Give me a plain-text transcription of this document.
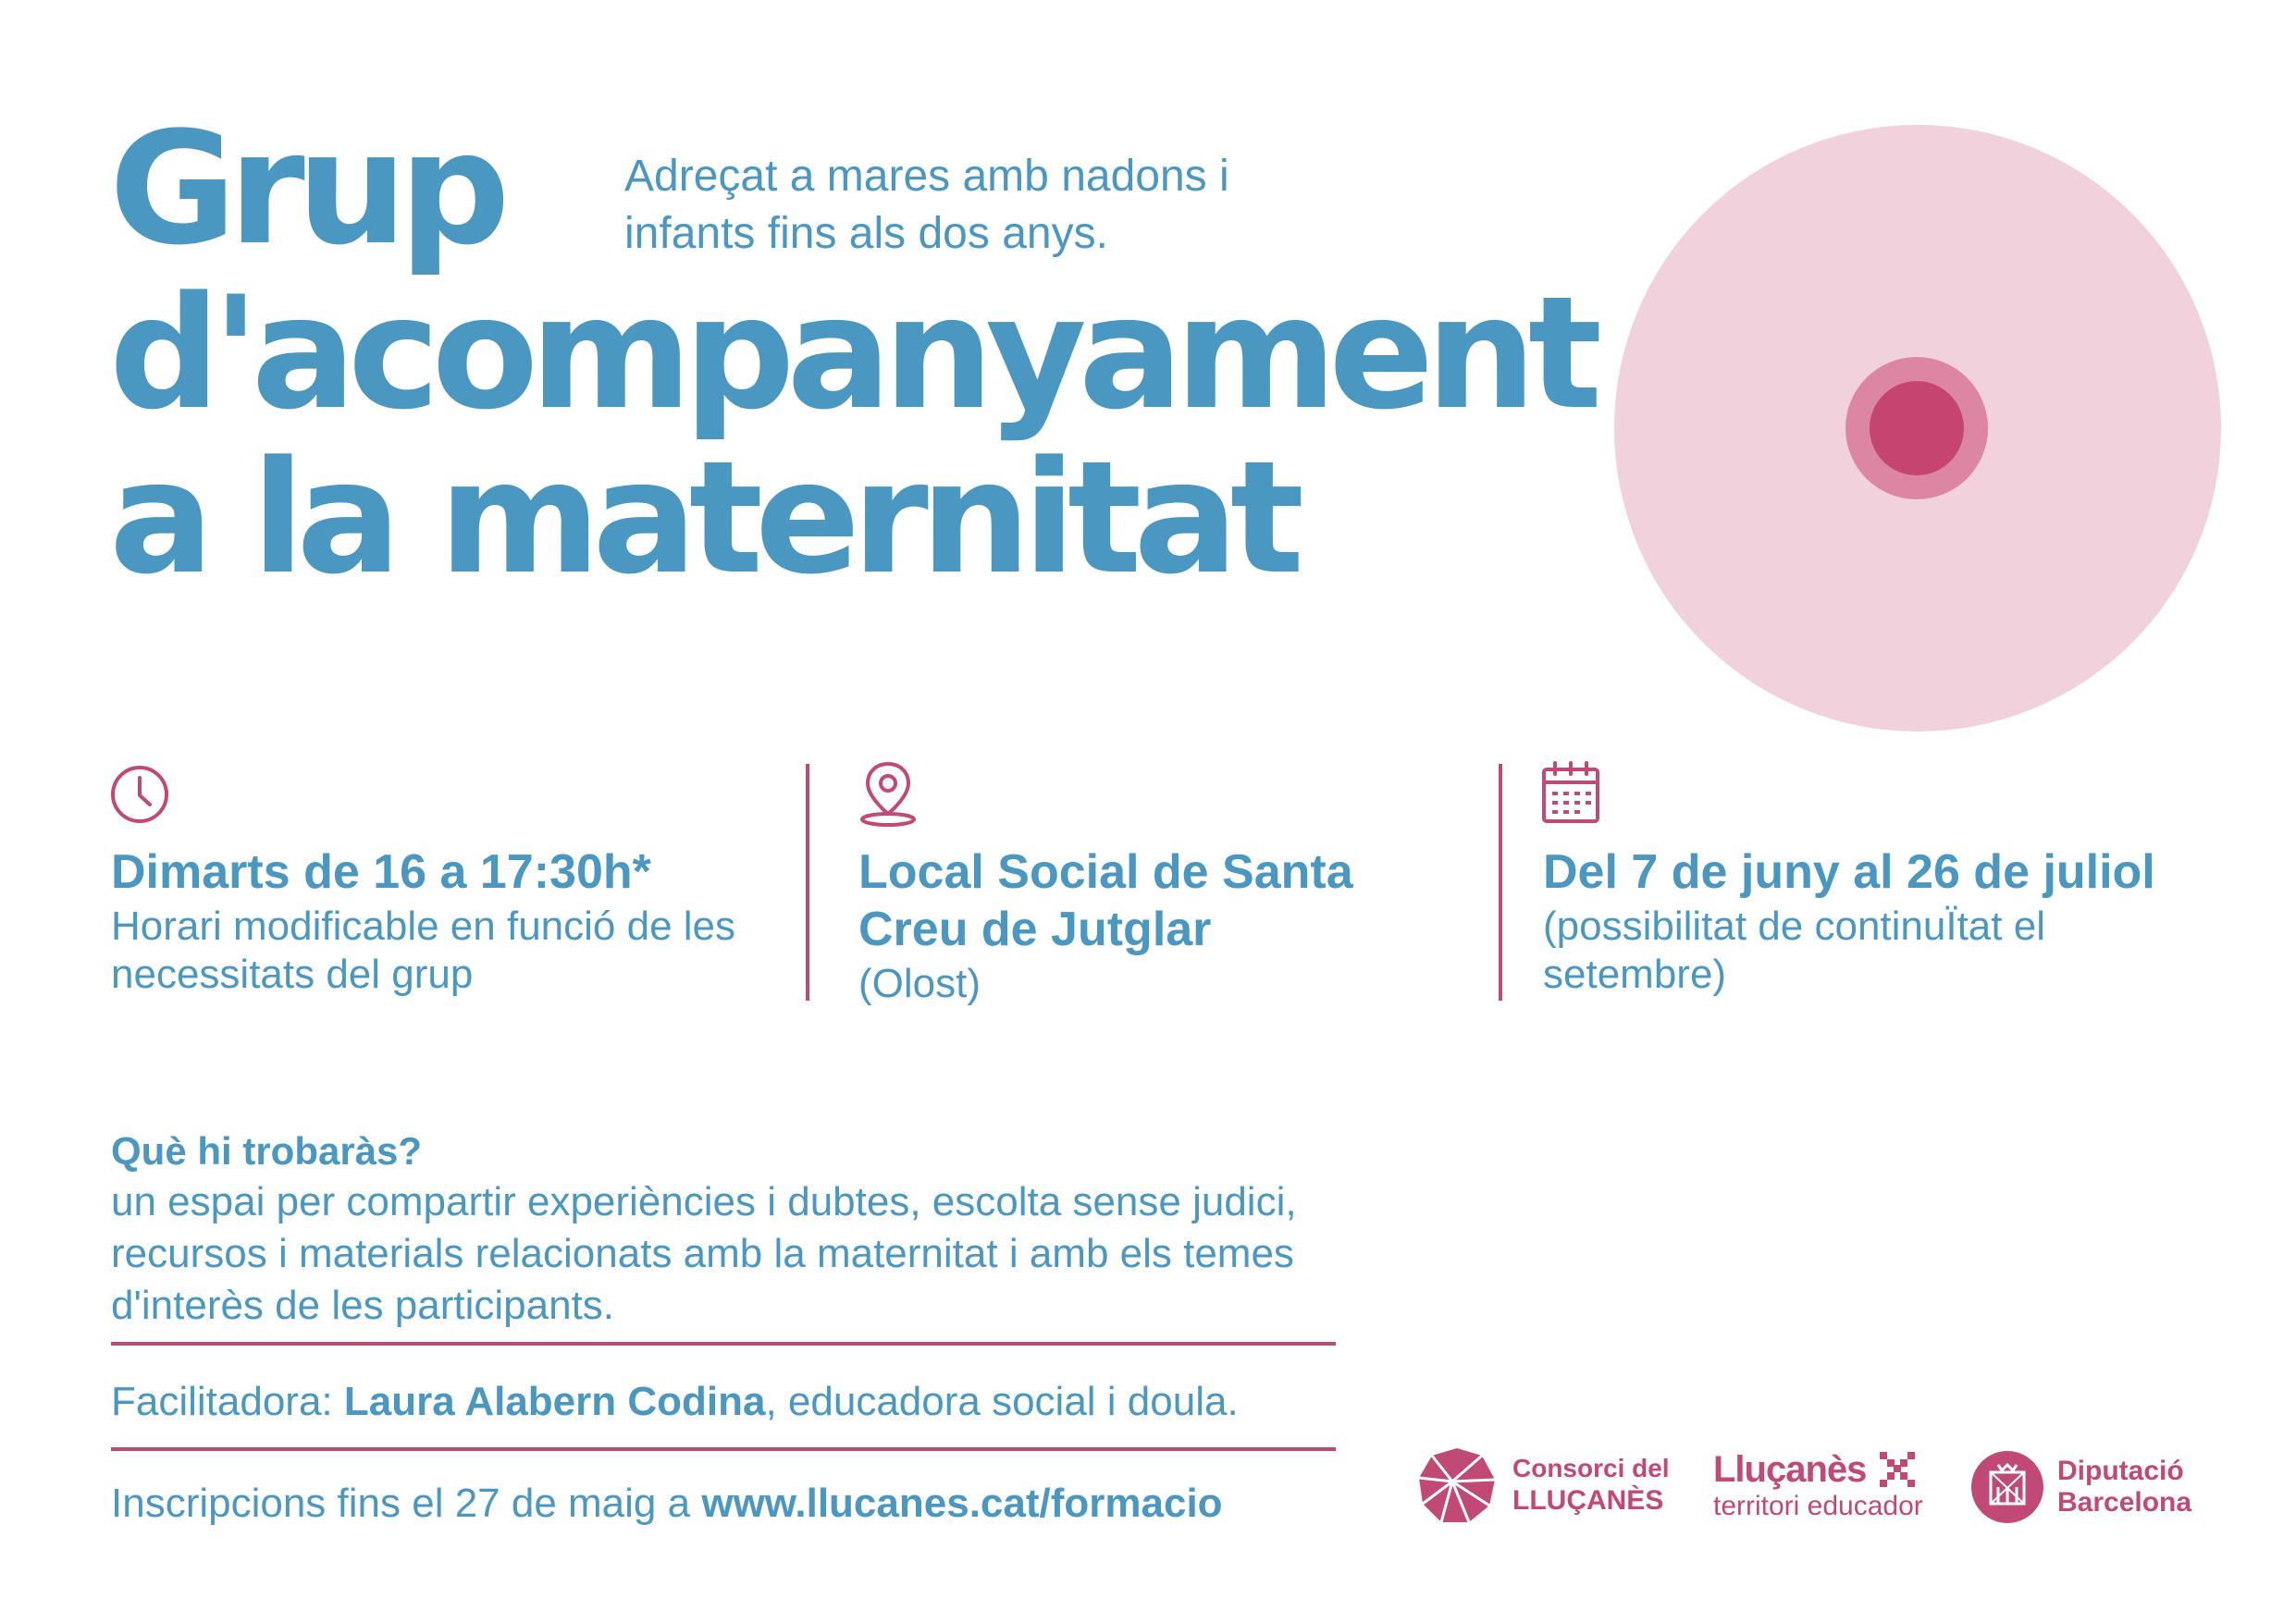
Grup
d'acompanyament
a la maternitat
Adreçat a mares amb nadons i infants fins als dos anys.
Dimarts de 16 a 17:30h*
Horari modificable en funció de les necessitats del grup
Local Social de Santa Creu de Jutglar
(Olost)
Del 7 de juny al 26 de juliol
(possibilitat de continuÏtat el setembre)
Què hi trobaràs?
un espai per compartir experiències i dubtes, escolta sense judici, recursos i materials relacionats amb la maternitat i amb els temes d'interès de les participants.
Facilitadora: Laura Alabern Codina, educadora social i doula.
Inscripcions fins el 27 de maig a www.llucanes.cat/formacio
Consorci del
LLUÇANÈS
Lluçanès
territori educador
Diputació
Barcelona
